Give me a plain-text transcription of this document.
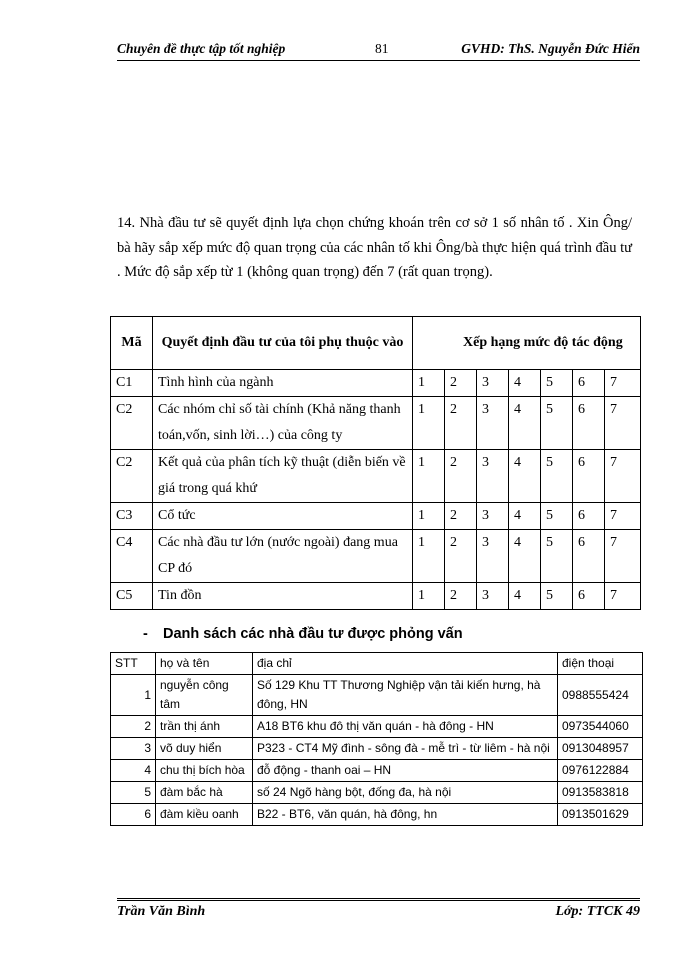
Chuyên đề thực tập tốt nghiệp	81	GVHD: ThS. Nguyễn Đức Hiển

14. Nhà đầu tư sẽ quyết định lựa chọn chứng khoán trên cơ sở 1 số nhân tố . Xin Ông/ bà hãy sắp xếp mức độ quan trọng của các nhân tố khi Ông/bà thực hiện quá trình đầu tư . Mức độ sắp xếp từ 1 (không quan trọng) đến 7 (rất quan trọng).

Mã	Quyết định đầu tư của tôi phụ thuộc vào	Xếp hạng mức độ tác động						
C1	Tình hình của ngành	1	2	3	4	5	6	7
C2	Các nhóm chỉ số tài chính (Khả năng thanh toán,vốn, sinh lời…) của công ty	1	2	3	4	5	6	7
C2	Kết quả của phân tích kỹ thuật (diễn biến về giá trong quá khứ	1	2	3	4	5	6	7
C3	Cổ tức	1	2	3	4	5	6	7
C4	Các nhà đầu tư lớn (nước ngoài) đang mua CP đó	1	2	3	4	5	6	7
C5	Tin đồn	1	2	3	4	5	6	7
- Danh sách các nhà đầu tư được phỏng vấn
STT	họ và tên	địa chỉ	điện thoại
1	nguyễn công tâm	Số 129 Khu TT Thương Nghiệp vận tải kiến hưng, hà đông, HN	0988555424
2	trần thị ánh	A18 BT6 khu đô thị văn quán - hà đông - HN	0973544060
3	võ duy hiển	P323 - CT4 Mỹ đình - sông đà - mễ trì - từ liêm - hà nội	0913048957
4	chu thị bích hòa	đỗ động - thanh oai – HN	0976122884
5	đàm bắc hà	số 24 Ngõ hàng bột, đống đa, hà nội	0913583818
6	đàm kiều oanh	B22 - BT6, văn quán, hà đông, hn	0913501629
Trần Văn Bình	Lớp: TTCK 49
